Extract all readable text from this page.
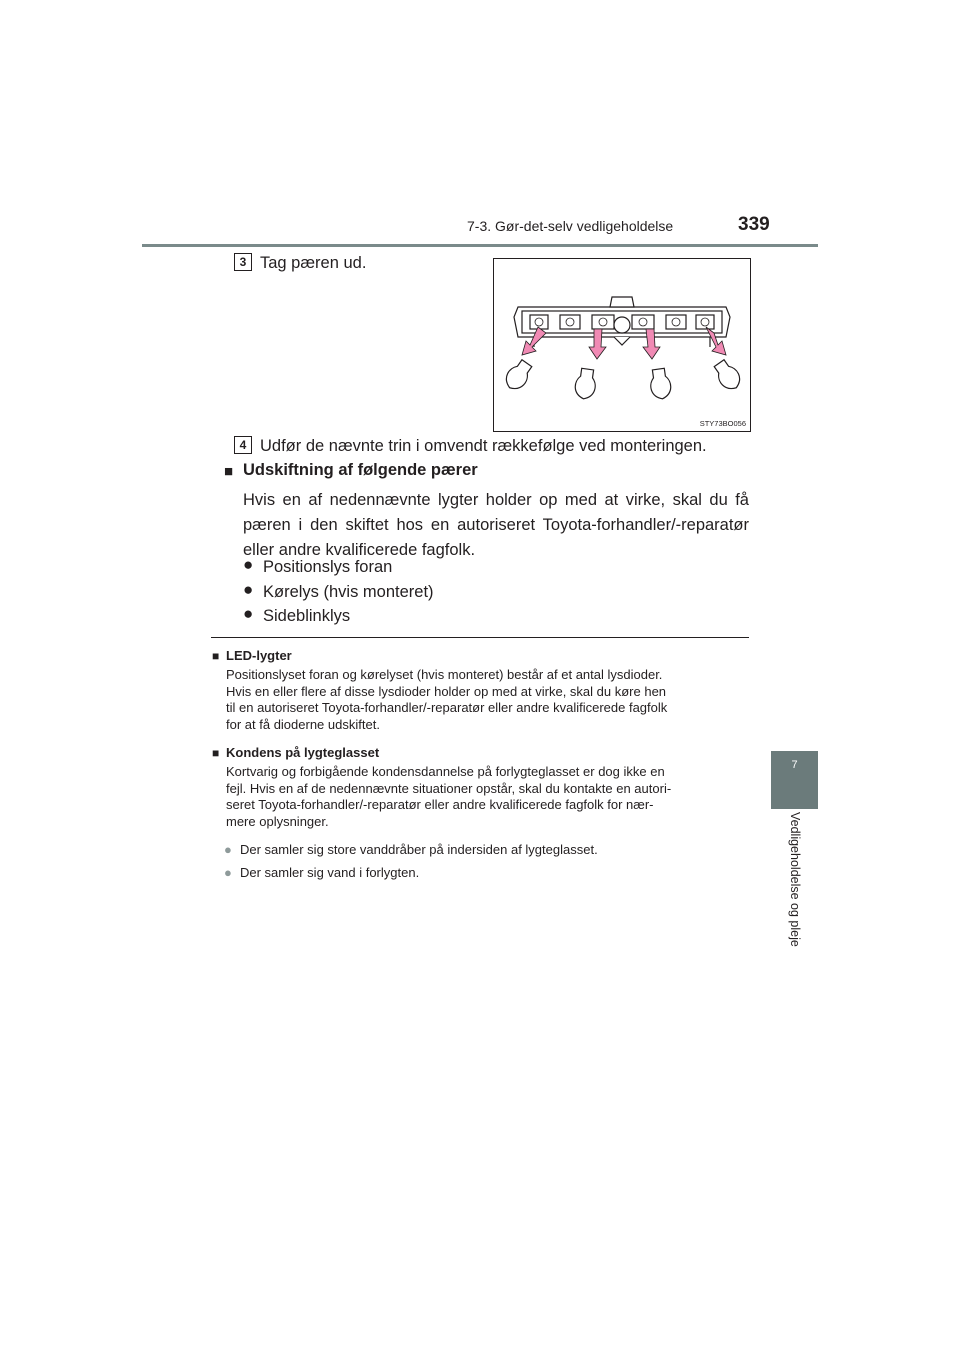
7-3. Gør-det-selv vedligeholdelse	339
7
Vedligeholdelse og pleje
3 Tag pæren ud.
STY73BO056
4 Udfør de nævnte trin i omvendt rækkefølge ved monteringen.
■ Udskiftning af følgende pærer
Hvis en af nedennævnte lygter holder op med at virke, skal du få pæren i den skiftet hos en autoriseret Toyota-forhandler/-reparatør eller andre kvalificerede fagfolk.
● Positionslys foran
● Kørelys (hvis monteret)
● Sideblinklys
■ LED-lygter
Positionslyset foran og kørelyset (hvis monteret) består af et antal lysdioder.
Hvis en eller flere af disse lysdioder holder op med at virke, skal du køre hen
til en autoriseret Toyota-forhandler/-reparatør eller andre kvalificerede fagfolk
for at få dioderne udskiftet.
■ Kondens på lygteglasset
Kortvarig og forbigående kondensdannelse på forlygteglasset er dog ikke en
fejl. Hvis en af de nedennævnte situationer opstår, skal du kontakte en autori-
seret Toyota-forhandler/-reparatør eller andre kvalificerede fagfolk for nær-
mere oplysninger.
● Der samler sig store vanddråber på indersiden af lygteglasset.
● Der samler sig vand i forlygten.
